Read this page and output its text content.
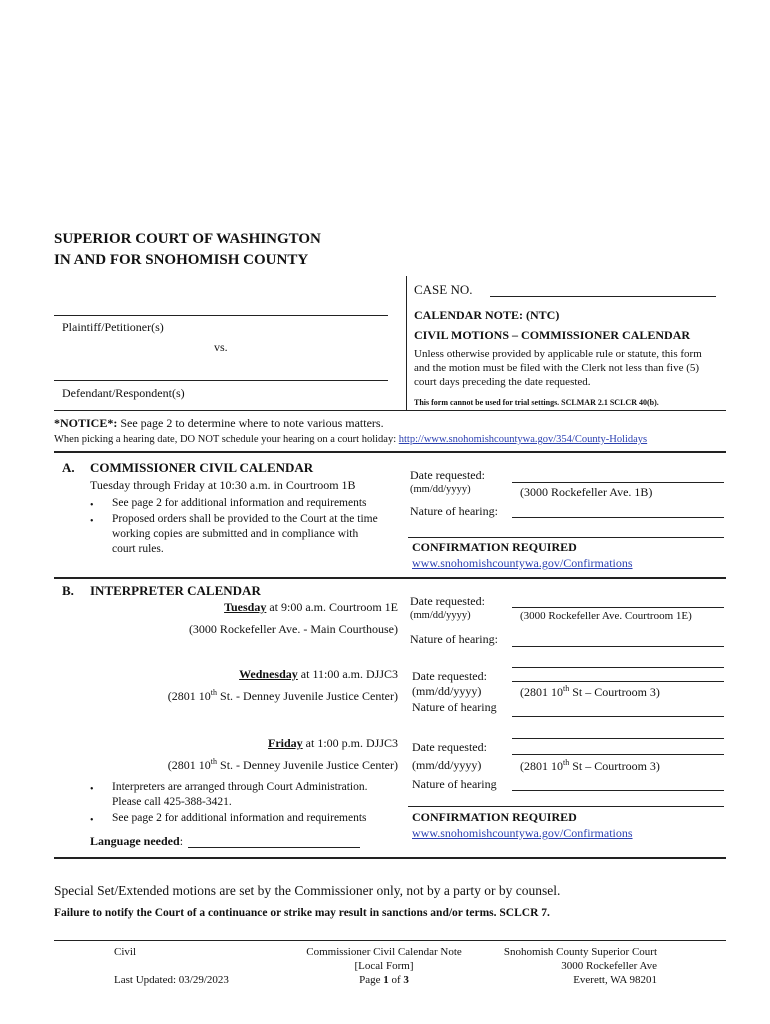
SUPERIOR COURT OF WASHINGTON
IN AND FOR SNOHOMISH COUNTY
CASE NO.
Plaintiff/Petitioner(s)
vs.
Defendant/Respondent(s)
CALENDAR NOTE: (NTC)
CIVIL MOTIONS – COMMISSIONER CALENDAR
Unless otherwise provided by applicable rule or statute, this form
and the motion must be filed with the Clerk not less than five (5)
court days preceding the date requested.
This form cannot be used for trial settings. SCLMAR 2.1 SCLCR 40(b).
*NOTICE*: See page 2 to determine where to note various matters.
When picking a hearing date, DO NOT schedule your hearing on a court holiday: http://www.snohomishcountywa.gov/354/County-Holidays
A. COMMISSIONER CIVIL CALENDAR
Tuesday through Friday at 10:30 a.m. in Courtroom 1B
• See page 2 for additional information and requirements
• Proposed orders shall be provided to the Court at the time
working copies are submitted and in compliance with
court rules.
Date requested:
(mm/dd/yyyy)	(3000 Rockefeller Ave. 1B)
Nature of hearing:
CONFIRMATION REQUIRED
www.snohomishcountywa.gov/Confirmations
B. INTERPRETER CALENDAR
Tuesday at 9:00 a.m. Courtroom 1E
(3000 Rockefeller Ave. - Main Courthouse)
Date requested:
(mm/dd/yyyy)	(3000 Rockefeller Ave. Courtroom 1E)
Nature of hearing:
Wednesday at 11:00 a.m. DJJC3
(2801 10th St. - Denney Juvenile Justice Center)
Date requested:
(mm/dd/yyyy)	(2801 10th St – Courtroom 3)
Nature of hearing
Friday at 1:00 p.m. DJJC3
(2801 10th St. - Denney Juvenile Justice Center)
Date requested:
(mm/dd/yyyy)	(2801 10th St – Courtroom 3)
Nature of hearing
• Interpreters are arranged through Court Administration.
Please call 425-388-3421.
• See page 2 for additional information and requirements
Language needed:
CONFIRMATION REQUIRED
www.snohomishcountywa.gov/Confirmations
Special Set/Extended motions are set by the Commissioner only, not by a party or by counsel.
Failure to notify the Court of a continuance or strike may result in sanctions and/or terms. SCLCR 7.
Civil
Last Updated: 03/29/2023
Commissioner Civil Calendar Note
[Local Form]
Page 1 of 3
Snohomish County Superior Court
3000 Rockefeller Ave
Everett, WA 98201
